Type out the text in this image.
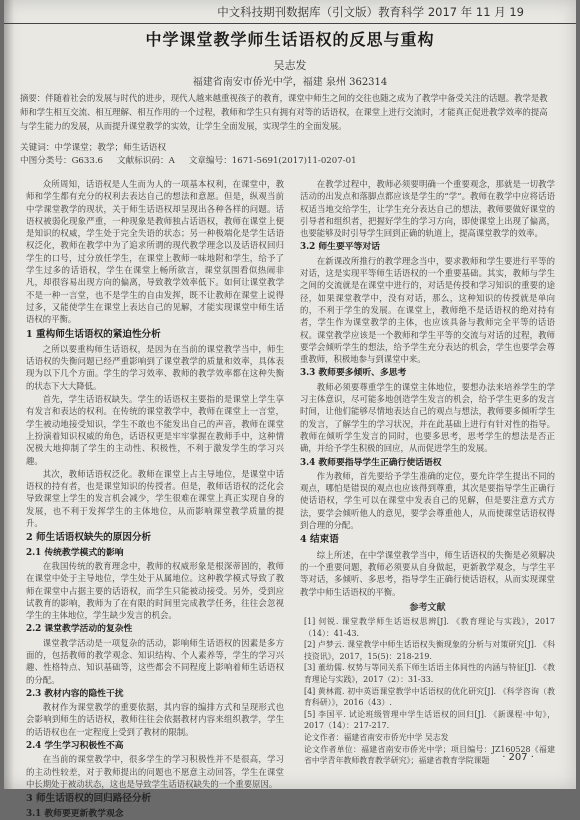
中文科技期刊数据库（引文版）教育科学 2017 年 11 月 19
中学课堂教学师生话语权的反思与重构
吴志发
福建省南安市侨光中学，福建 泉州 362314

摘要：伴随着社会的发展与时代的进步，现代人越来越重视孩子的教育，课堂中师生之间的交往也随之成为了教学中备受关注的话题。教学是教师和学生相互交流、相互理解、相互作用的一个过程，教师和学生只有拥有对等的话语权，在课堂上进行交流时，才能真正促进教学效率的提高与学生能力的发展，从而提升课堂教学的实效，让学生全面发展，实现学生的全面发展。

关键词：中学课堂；教学；师生话语权
中图分类号：G633.6 文献标识码：A 文章编号：1671-5691(2017)11-0207-01

众所周知，话语权是人生而为人的一项基本权利，在课堂中，教师和学生都有充分的权利去表达自己的想法和意愿。但是，纵观当前中学课堂教学的现状，关于师生话语权却呈现出各种各样的问题。话语权被弱化现象严重，一种现象是教师独占话语权，教师在课堂上便是知识的权威，学生处于完全失语的状态；另一种极端化是学生话语权泛化，教师在教学中为了追求所谓的现代教学理念以及话语权回归学生的口号，过分放任学生，在课堂上教师一味地附和学生，给予了学生过多的话语权，学生在课堂上畅所欲言，课堂氛围看似热闹非凡，却很容易出现方向的偏离，导致教学效率低下。如何让课堂教学不是一种一言堂，也不是学生的自由发挥，既不让教师在课堂上说得过多，又能使学生在课堂上表达自己的见解，才能实现课堂中师生话语权的平衡。

1 重构师生话语权的紧迫性分析

之所以要重构师生话语权，是因为在当前的课堂教学当中，师生话语权的失衡问题已经严重影响到了课堂教学的质量和效率，具体表现为以下几个方面。学生的学习效率、教师的教学效率都在这种失衡的状态下大大降低。

首先，学生话语权缺失。学生的话语权主要指的是课堂上学生享有发言和表达的权利。在传统的课堂教学中，教师在课堂上一言堂，学生被动地接受知识，学生不敢也不能发出自己的声音，教师在课堂上扮演着知识权威的角色，话语权更是牢牢掌握在教师手中，这种情况极大地抑制了学生的主动性、积极性，不利于激发学生的学习兴趣。

其次，教师话语权泛化。教师在课堂上占主导地位，是课堂中话语权的持有者，也是课堂知识的传授者。但是，教师话语权的泛化会导致课堂上学生的发言机会减少，学生很难在课堂上真正实现自身的发展，也不利于发挥学生的主体地位，从而影响课堂教学质量的提升。

2 师生话语权缺失的原因分析

2.1 传统教学模式的影响

在我国传统的教育理念中，教师的权威形象是根深蒂固的，教师在课堂中处于主导地位，学生处于从属地位。这种教学模式导致了教师在课堂中占据主要的话语权，而学生只能被动接受。另外，受到应试教育的影响，教师为了在有限的时间里完成教学任务，往往会忽视学生的主体地位，学生缺少发言的机会。

2.2 课堂教学活动的复杂性

课堂教学活动是一项复杂的活动，影响师生话语权的因素是多方面的，包括教师的教学观念、知识结构、个人素养等，学生的学习兴趣、性格特点、知识基础等，这些都会不同程度上影响着师生话语权的分配。

2.3 教材内容的隐性干扰

教材作为课堂教学的重要依据，其内容的编排方式和呈现形式也会影响到师生的话语权，教师往往会依据教材内容来组织教学，学生的话语权也在一定程度上受到了教材的限制。

2.4 学生学习积极性不高

在当前的课堂教学中，很多学生的学习积极性并不是很高，学习的主动性较差，对于教师提出的问题也不愿意主动回答，学生在课堂中长期处于被动状态，这也是导致学生话语权缺失的一个重要原因。

3 师生话语权的回归路径分析

3.1 教师要更新教学观念

在教学过程中，教师必须要明确一个重要观念，那就是一切教学活动的出发点和落脚点都应该是学生的“学”。教师在教学中应将话语权适当地交给学生，让学生充分表达自己的想法，教师要做好课堂的引导者和组织者，把握好学生的学习方向，即使课堂上出现了偏离，也要能够及时引导学生回到正确的轨道上，提高课堂教学的效率。

3.2 师生要平等对话

在新课改所推行的教学理念当中，要求教师和学生要进行平等的对话，这是实现平等师生话语权的一个重要基础。其实，教师与学生之间的交流就是在课堂中进行的，对话是传授和学习知识的重要的途径，如果课堂教学中，没有对话，那么，这种知识的传授就是单向的，不利于学生的发展。在课堂上，教师绝不是话语权的绝对持有者，学生作为课堂教学的主体，也应该具备与教师完全平等的话语权。课堂教学应该是一个教师和学生平等的交流与对话的过程，教师要学会倾听学生的想法，给予学生充分表达的机会，学生也要学会尊重教师，积极地参与到课堂中来。

3.3 教师要多倾听、多思考

教师必须要尊重学生的课堂主体地位，要想办法来培养学生的学习主体意识，尽可能多地创造学生发言的机会，给予学生更多的发言时间，让他们能够尽情地表达自己的观点与想法，教师要多倾听学生的发言，了解学生的学习状况，并在此基础上进行有针对性的指导。教师在倾听学生发言的同时，也要多思考，思考学生的想法是否正确，并给予学生积极的回应，从而促进学生的发展。

3.4 教师要指导学生正确行使话语权

作为教师，首先要给予学生准确的定位，要允许学生提出不同的观点，哪怕是错误的观点也应该得到尊重，其次是要指导学生正确行使话语权，学生可以在课堂中发表自己的见解，但是要注意方式方法，要学会倾听他人的意见，要学会尊重他人，从而使课堂话语权得到合理的分配。

4 结束语

综上所述，在中学课堂教学当中，师生话语权的失衡是必须解决的一个重要问题，教师必须要从自身做起，更新教学观念，与学生平等对话，多倾听、多思考，指导学生正确行使话语权，从而实现课堂教学中师生话语权的平衡。

参考文献
[1] 何锐. 课堂教学师生话语权思辨[J]. 《教育理论与实践》，2017（14）：41-43.
[2] 卢梦云. 课堂教学中师生话语权失衡现象的分析与对策研究[J]. 《科技资讯》，2017，15(5)：218-219.
[3] 董幼儒. 权势与等同关系下师生话语主体间性的内涵与特征[J]. 《教育理论与实践》，2017（2）：31-33.
[4] 黄林霞. 初中英语课堂教学中话语权的优化研究[J]. 《科学咨询（教育科研）》，2016（43）.
[5] 李国平. 试论班级管理中学生话语权的回归[J]. 《新课程·中旬》，2017（14）：217-217.
论文作者：福建省南安市侨光中学 吴志发
论文作者单位：福建省南安市侨光中学；项目编号：JZ160528《福建省中学青年教师教育教学研究》；福建省教育学院课题	· 207 ·
